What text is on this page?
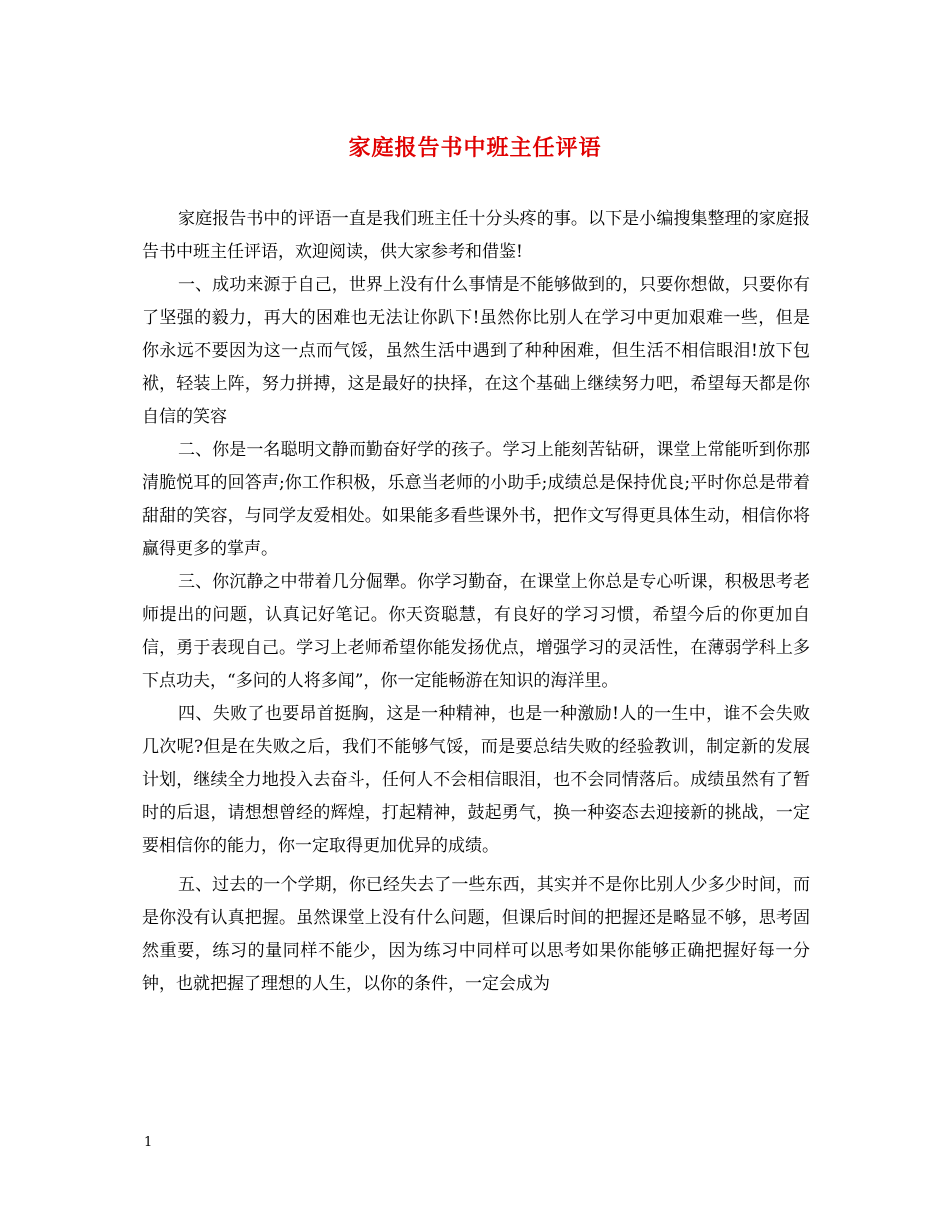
家庭报告书中班主任评语

家庭报告书中的评语一直是我们班主任十分头疼的事。以下是小编搜集整理的家庭报告书中班主任评语，欢迎阅读，供大家参考和借鉴!

一、成功来源于自己，世界上没有什么事情是不能够做到的，只要你想做，只要你有了坚强的毅力，再大的困难也无法让你趴下!虽然你比别人在学习中更加艰难一些，但是你永远不要因为这一点而气馁，虽然生活中遇到了种种困难，但生活不相信眼泪!放下包袱，轻装上阵，努力拼搏，这是最好的抉择，在这个基础上继续努力吧，希望每天都是你自信的笑容

二、你是一名聪明文静而勤奋好学的孩子。学习上能刻苦钻研，课堂上常能听到你那清脆悦耳的回答声;你工作积极，乐意当老师的小助手;成绩总是保持优良;平时你总是带着甜甜的笑容，与同学友爱相处。如果能多看些课外书，把作文写得更具体生动，相信你将赢得更多的掌声。

三、你沉静之中带着几分倔犟。你学习勤奋，在课堂上你总是专心听课，积极思考老师提出的问题，认真记好笔记。你天资聪慧，有良好的学习习惯，希望今后的你更加自信，勇于表现自己。学习上老师希望你能发扬优点，增强学习的灵活性，在薄弱学科上多下点功夫，“多问的人将多闻”，你一定能畅游在知识的海洋里。

四、失败了也要昂首挺胸，这是一种精神，也是一种激励!人的一生中，谁不会失败几次呢?但是在失败之后，我们不能够气馁，而是要总结失败的经验教训，制定新的发展计划，继续全力地投入去奋斗，任何人不会相信眼泪，也不会同情落后。成绩虽然有了暂时的后退，请想想曾经的辉煌，打起精神，鼓起勇气，换一种姿态去迎接新的挑战，一定要相信你的能力，你一定取得更加优异的成绩。

五、过去的一个学期，你已经失去了一些东西，其实并不是你比别人少多少时间，而是你没有认真把握。虽然课堂上没有什么问题，但课后时间的把握还是略显不够，思考固然重要，练习的量同样不能少，因为练习中同样可以思考如果你能够正确把握好每一分钟，也就把握了理想的人生，以你的条件，一定会成为

1
